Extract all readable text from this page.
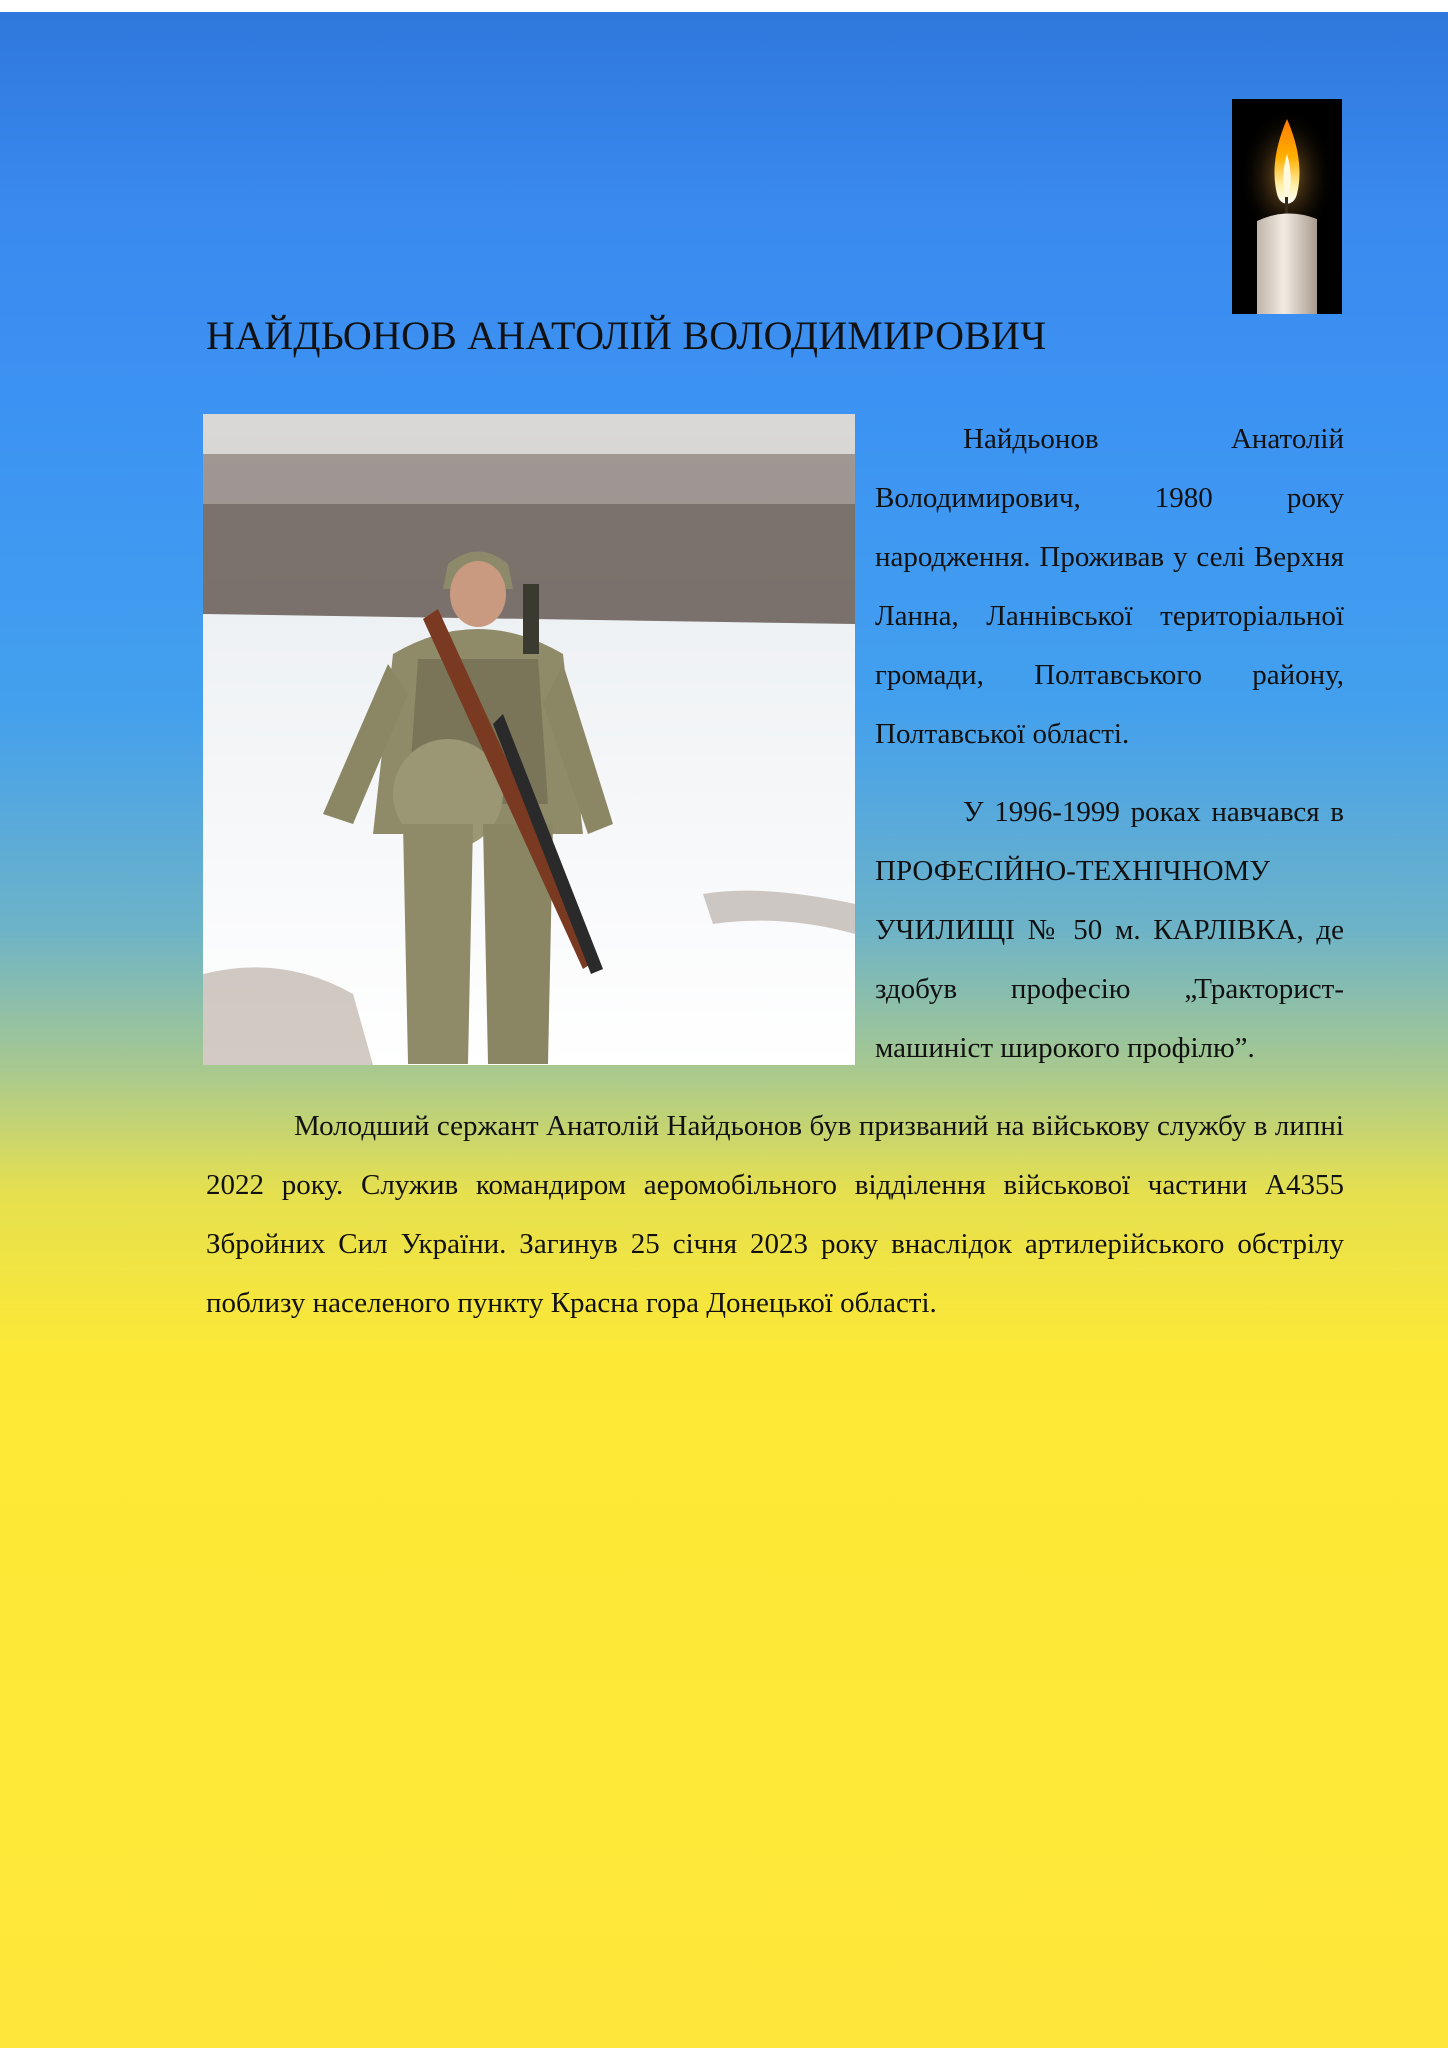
НАЙДЬОНОВ АНАТОЛІЙ ВОЛОДИМИРОВИЧ

Найдьонов Анатолій Володимирович, 1980 року народження. Проживав у селі Верхня Ланна, Ланнівської територіальної громади, Полтавського району, Полтавської області.

У 1996-1999 роках навчався в ПРОФЕСІЙНО-ТЕХНІЧНОМУ УЧИЛИЩІ № 50 м. КАРЛІВКА, де здобув професію „Тракторист-машиніст широкого профілю”.

Молодший сержант Анатолій Найдьонов був призваний на військову службу в липні 2022 року. Служив командиром аеромобільного відділення військової частини А4355 Збройних Сил України. Загинув 25 січня 2023 року внаслідок артилерійського обстрілу поблизу населеного пункту Красна гора Донецької області.
